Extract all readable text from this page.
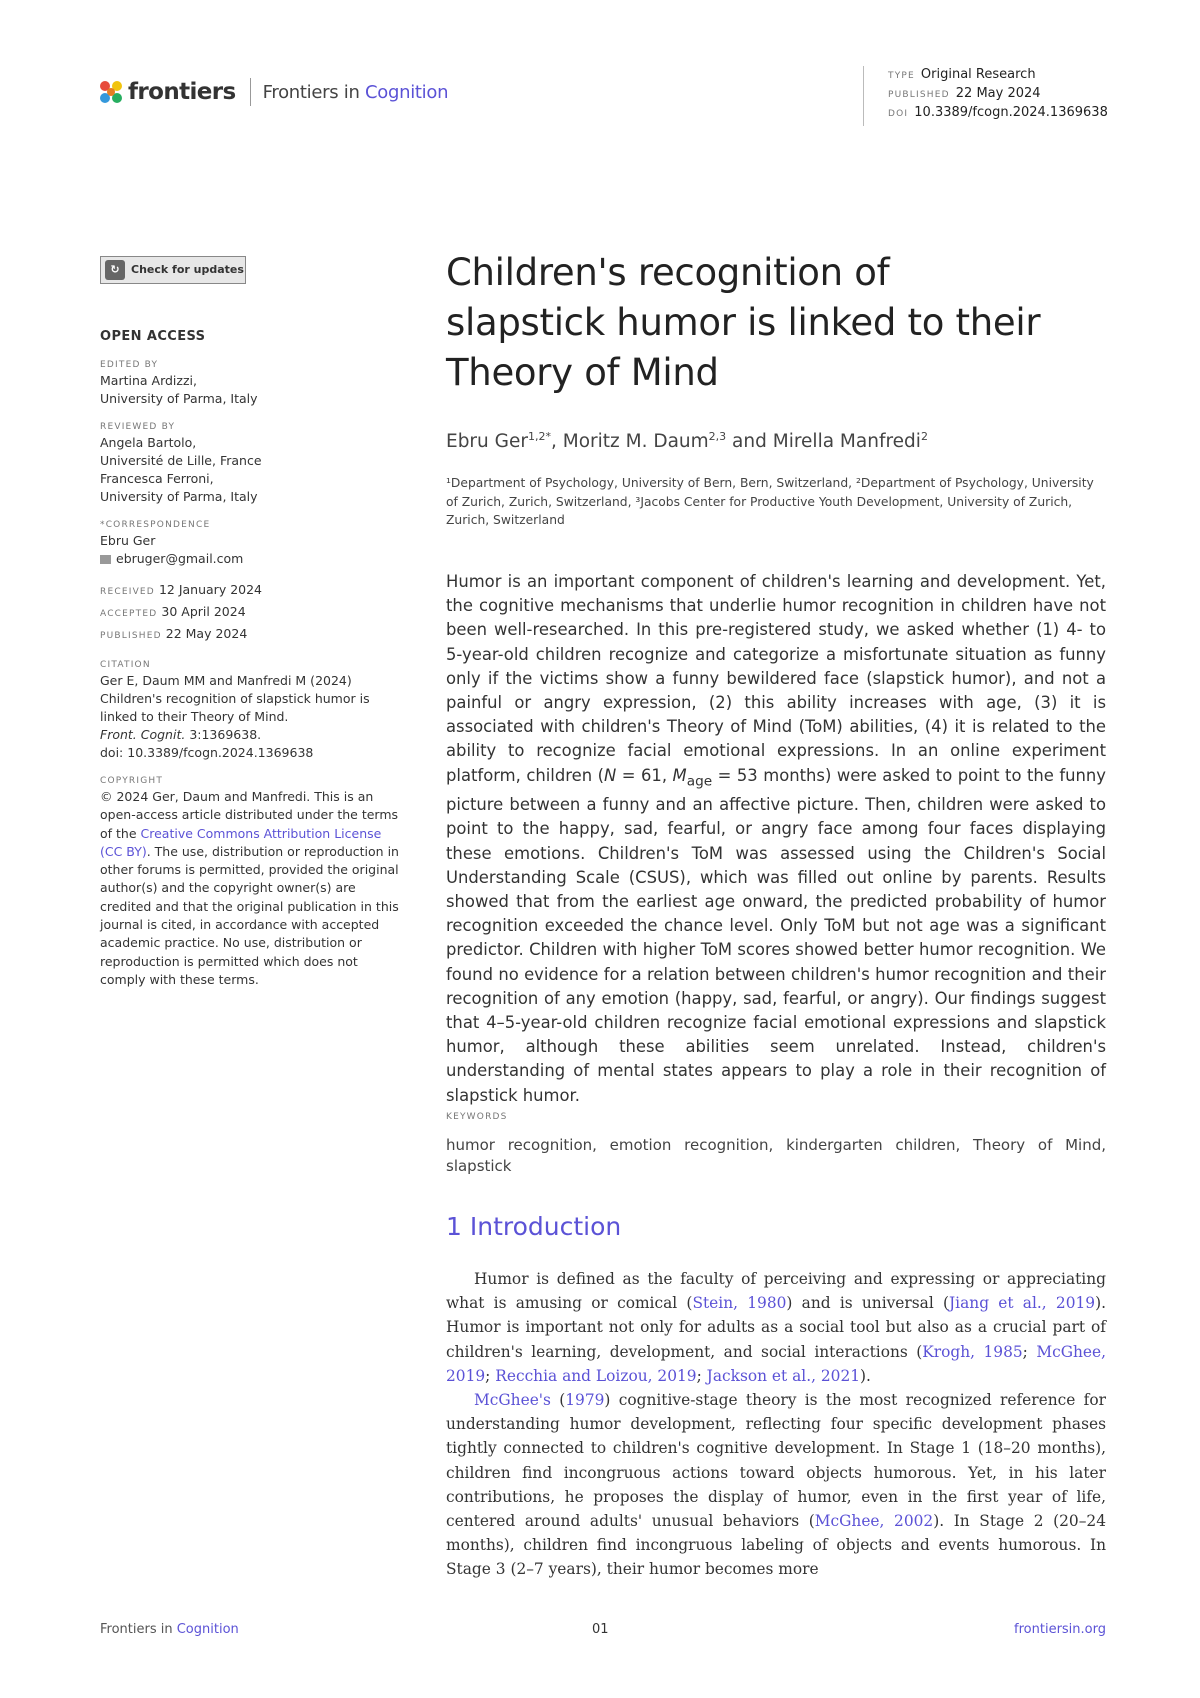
frontiers Frontiers in Cognition
TYPE Original Research
PUBLISHED 22 May 2024
DOI 10.3389/fcogn.2024.1369638
↻	Check for updates
OPEN ACCESS
EDITED BY
Martina Ardizzi,
University of Parma, Italy
REVIEWED BY
Angela Bartolo,
Université de Lille, France
Francesca Ferroni,
University of Parma, Italy
*CORRESPONDENCE
Ebru Ger
ebruger@gmail.com
RECEIVED 12 January 2024
ACCEPTED 30 April 2024
PUBLISHED 22 May 2024
CITATION
Ger E, Daum MM and Manfredi M (2024)
Children's recognition of slapstick humor is
linked to their Theory of Mind.
Front. Cognit. 3:1369638.
doi: 10.3389/fcogn.2024.1369638
COPYRIGHT
© 2024 Ger, Daum and Manfredi. This is an open-access article distributed under the terms of the Creative Commons Attribution License (CC BY). The use, distribution or reproduction in other forums is permitted, provided the original author(s) and the copyright owner(s) are credited and that the original publication in this journal is cited, in accordance with accepted academic practice. No use, distribution or reproduction is permitted which does not comply with these terms.
Children's recognition of
slapstick humor is linked to their
Theory of Mind
Ebru Ger$^{1,2*}$, Moritz M. Daum$^{2,3}$ and Mirella Manfredi$^2$
¹Department of Psychology, University of Bern, Bern, Switzerland, ²Department of Psychology, University of Zurich, Zurich, Switzerland, ³Jacobs Center for Productive Youth Development, University of Zurich, Zurich, Switzerland

Humor is an important component of children's learning and development. Yet, the cognitive mechanisms that underlie humor recognition in children have not been well-researched. In this pre-registered study, we asked whether (1) 4- to 5-year-old children recognize and categorize a misfortunate situation as funny only if the victims show a funny bewildered face (slapstick humor), and not a painful or angry expression, (2) this ability increases with age, (3) it is associated with children's Theory of Mind (ToM) abilities, (4) it is related to the ability to recognize facial emotional expressions. In an online experiment platform, children (N = 61, $M_{age} = 53$ months) were asked to point to the funny picture between a funny and an affective picture. Then, children were asked to point to the happy, sad, fearful, or angry face among four faces displaying these emotions. Children's ToM was assessed using the Children's Social Understanding Scale (CSUS), which was filled out online by parents. Results showed that from the earliest age onward, the predicted probability of humor recognition exceeded the chance level. Only ToM but not age was a significant predictor. Children with higher ToM scores showed better humor recognition. We found no evidence for a relation between children's humor recognition and their recognition of any emotion (happy, sad, fearful, or angry). Our findings suggest that 4–5-year-old children recognize facial emotional expressions and slapstick humor, although these abilities seem unrelated. Instead, children's understanding of mental states appears to play a role in their recognition of slapstick humor.

KEYWORDS
humor recognition, emotion recognition, kindergarten children, Theory of Mind, slapstick
1 Introduction

Humor is defined as the faculty of perceiving and expressing or appreciating what is amusing or comical (Stein, 1980) and is universal (Jiang et al., 2019). Humor is important not only for adults as a social tool but also as a crucial part of children's learning, development, and social interactions (Krogh, 1985; McGhee, 2019; Recchia and Loizou, 2019; Jackson et al., 2021).

McGhee's (1979) cognitive-stage theory is the most recognized reference for understanding humor development, reflecting four specific development phases tightly connected to children's cognitive development. In Stage 1 (18–20 months), children find incongruous actions toward objects humorous. Yet, in his later contributions, he proposes the display of humor, even in the first year of life, centered around adults' unusual behaviors (McGhee, 2002). In Stage 2 (20–24 months), children find incongruous labeling of objects and events humorous. In Stage 3 (2–7 years), their humor becomes more

Frontiers in Cognition	01	frontiersin.org
